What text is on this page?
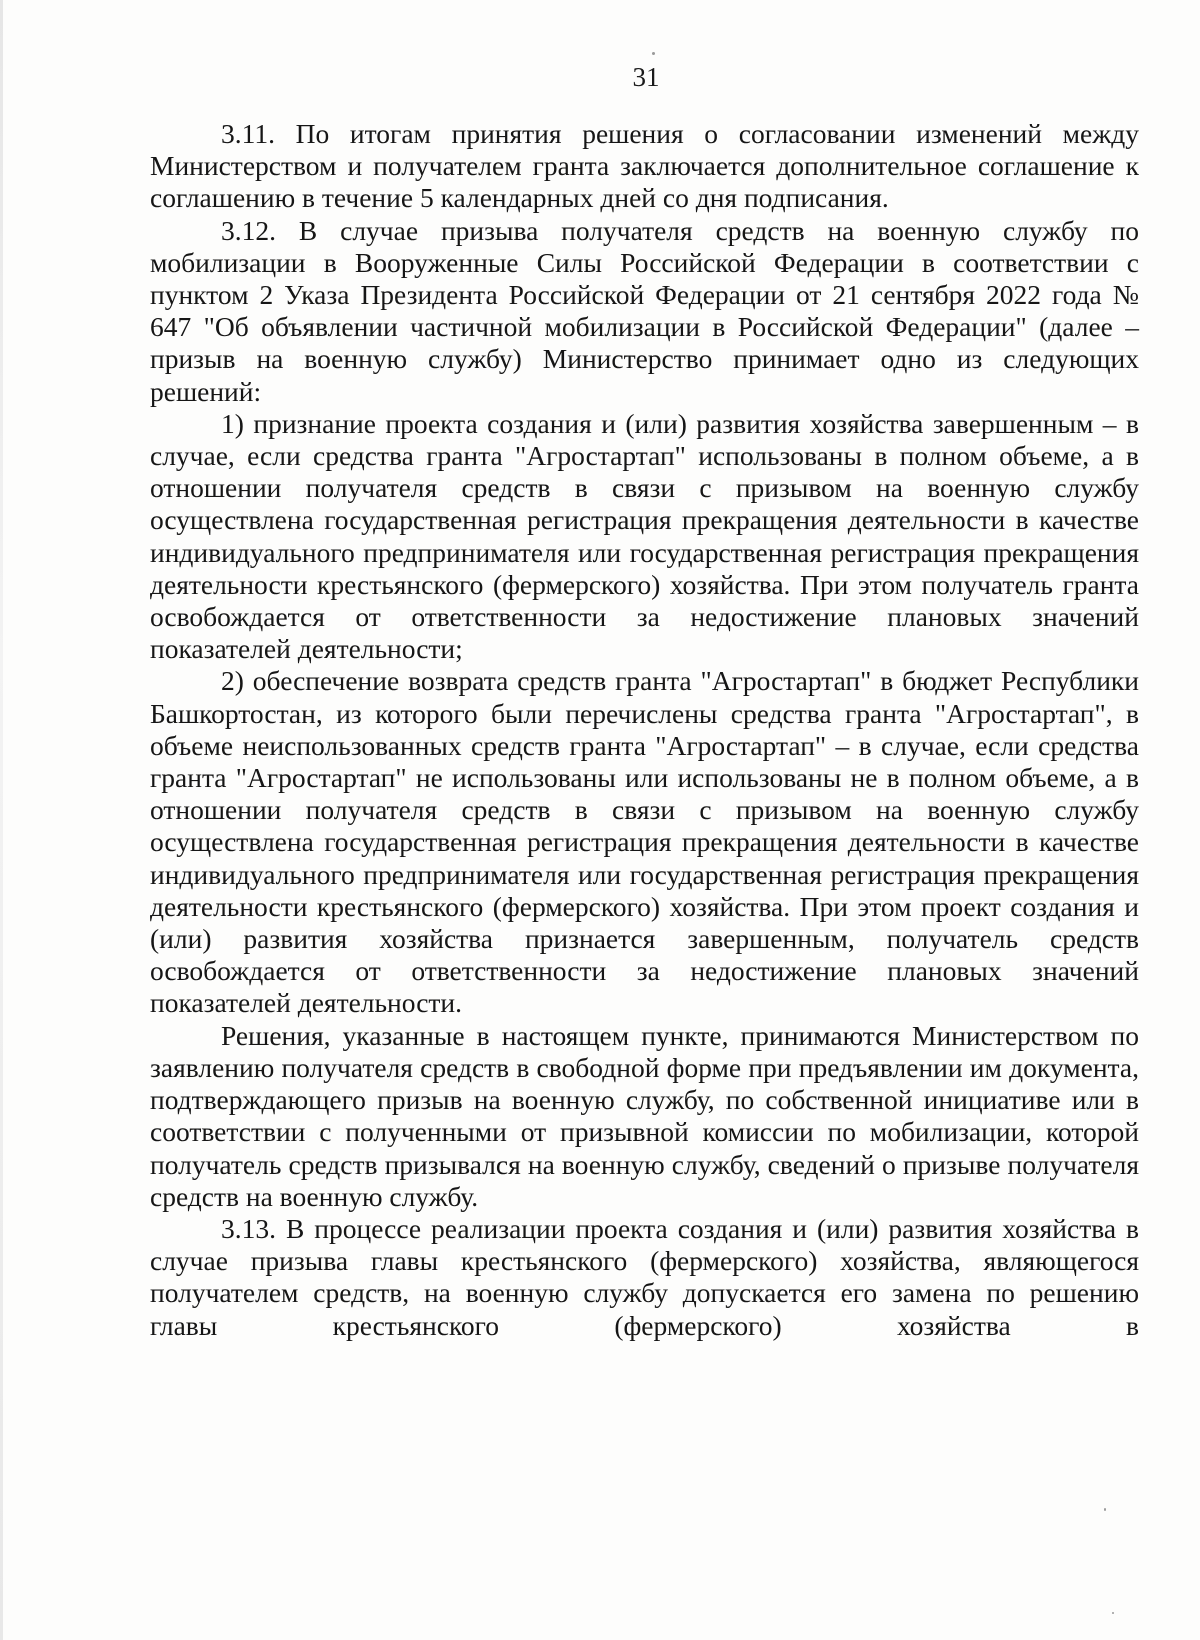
31

3.11. По итогам принятия решения о согласовании изменений между Министерством и получателем гранта заключается дополнительное соглашение к соглашению в течение 5 календарных дней со дня подписания.

3.12. В случае призыва получателя средств на военную службу по мобилизации в Вооруженные Силы Российской Федерации в соответствии с пунктом 2 Указа Президента Российской Федерации от 21 сентября 2022 года № 647 "Об объявлении частичной мобилизации в Российской Федерации" (далее – призыв на военную службу) Министерство принимает одно из следующих решений:

1) признание проекта создания и (или) развития хозяйства завершенным – в случае, если средства гранта "Агростартап" использованы в полном объеме, а в отношении получателя средств в связи с призывом на военную службу осуществлена государственная регистрация прекращения деятельности в качестве индивидуального предпринимателя или государственная регистрация прекращения деятельности крестьянского (фермерского) хозяйства. При этом получатель гранта освобождается от ответственности за недостижение плановых значений показателей деятельности;

2) обеспечение возврата средств гранта "Агростартап" в бюджет Республики Башкортостан, из которого были перечислены средства гранта "Агростартап", в объеме неиспользованных средств гранта "Агростартап" – в случае, если средства гранта "Агростартап" не использованы или использованы не в полном объеме, а в отношении получателя средств в связи с призывом на военную службу осуществлена государственная регистрация прекращения деятельности в качестве индивидуального предпринимателя или государственная регистрация прекращения деятельности крестьянского (фермерского) хозяйства. При этом проект создания и (или) развития хозяйства признается завершенным, получатель средств освобождается от ответственности за недостижение плановых значений показателей деятельности.

Решения, указанные в настоящем пункте, принимаются Министерством по заявлению получателя средств в свободной форме при предъявлении им документа, подтверждающего призыв на военную службу, по собственной инициативе или в соответствии с полученными от призывной комиссии по мобилизации, которой получатель средств призывался на военную службу, сведений о призыве получателя средств на военную службу.

3.13. В процессе реализации проекта создания и (или) развития хозяйства в случае призыва главы крестьянского (фермерского) хозяйства, являющегося получателем средств, на военную службу допускается его замена по решению главы крестьянского (фермерского) хозяйства в
